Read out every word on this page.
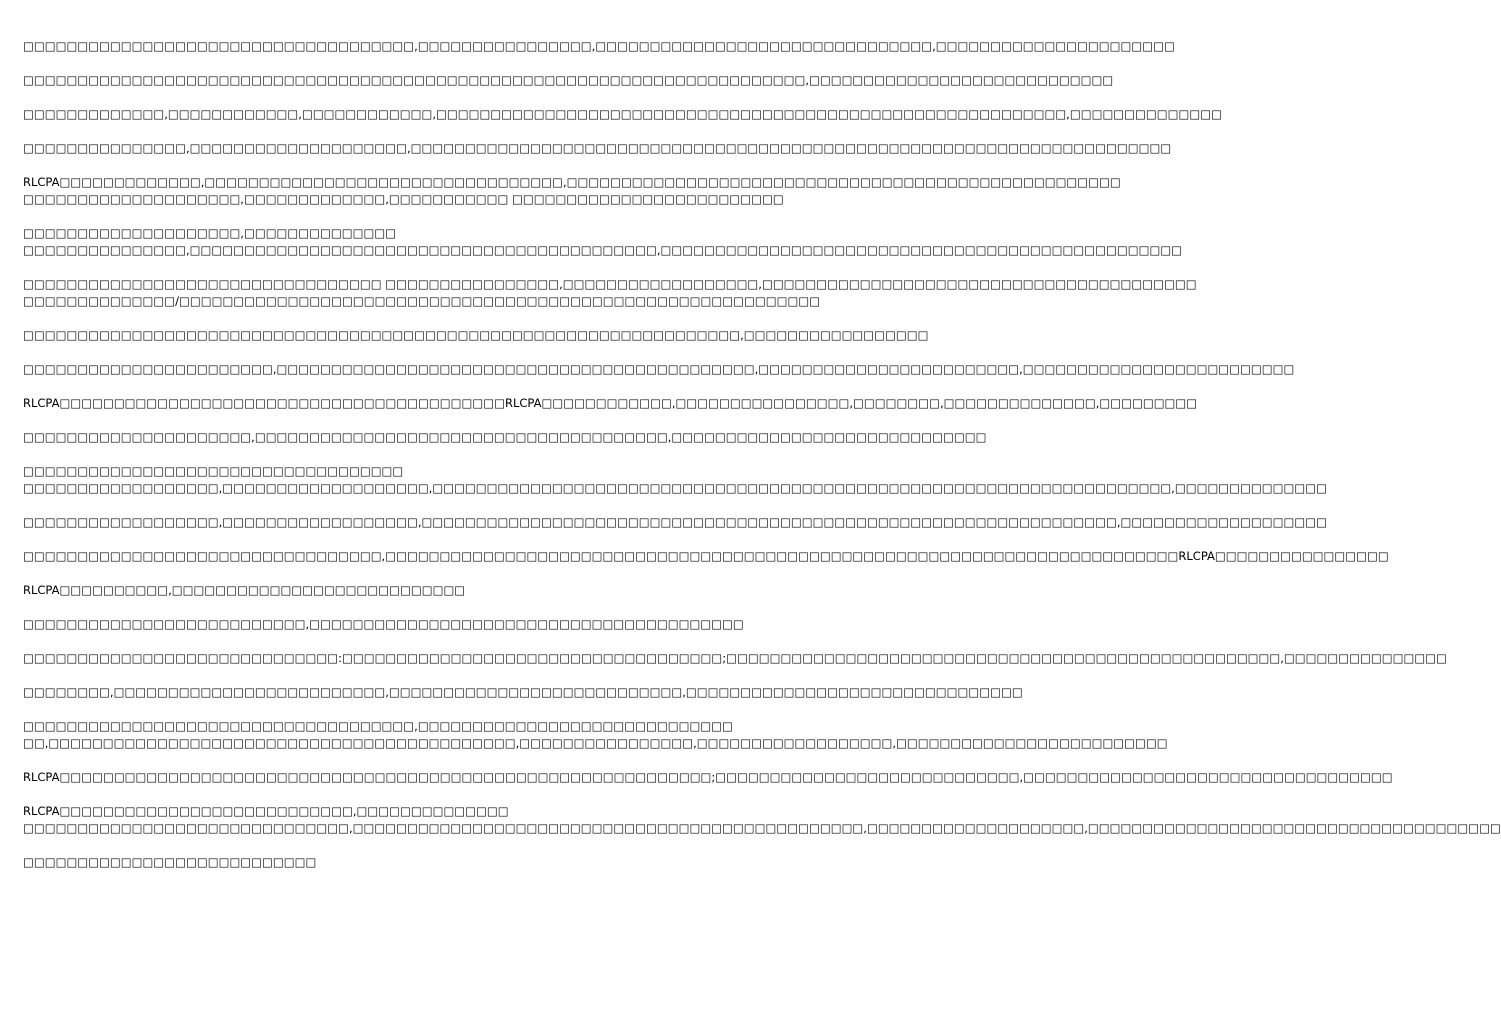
□□□□□□□□□□□□□□□□□□□□□□□□□□□□□□□□□□□□,□□□□□□□□□□□□□□□□,□□□□□□□□□□□□□□□□□□□□□□□□□□□□□□□,□□□□□□□□□□□□□□□□□□□□□□
□□□□□□□□□□□□□□□□□□□□□□□□□□□□□□□□□□□□□□□□□□□□□□□□□□□□□□□□□□□□□□□□□□□□□□□□,□□□□□□□□□□□□□□□□□□□□□□□□□□□□
□□□□□□□□□□□□□,□□□□□□□□□□□□,□□□□□□□□□□□□,□□□□□□□□□□□□□□□□□□□□□□□□□□□□□□□□□□□□□□□□□□□□□□□□□□□□□□□□□□,□□□□□□□□□□□□□□
□□□□□□□□□□□□□□□,□□□□□□□□□□□□□□□□□□□□,□□□□□□□□□□□□□□□□□□□□□□□□□□□□□□□□□□□□□□□□□□□□□□□□□□□□□□□□□□□□□□□□□□□□□□
RLCPA□□□□□□□□□□□□□,□□□□□□□□□□□□□□□□□□□□□□□□□□□□□□□□□,□□□□□□□□□□□□□□□□□□□□□□□□□□□□□□□□□□□□□□□□□□□□□□□□□□□
□□□□□□□□□□□□□□□□□□□□,□□□□□□□□□□□□□,□□□□□□□□□□□ □□□□□□□□□□□□□□□□□□□□□□□□□
□□□□□□□□□□□□□□□□□□□□,□□□□□□□□□□□□□□
□□□□□□□□□□□□□□□,□□□□□□□□□□□□□□□□□□□□□□□□□□□□□□□□□□□□□□□□□□□,□□□□□□□□□□□□□□□□□□□□□□□□□□□□□□□□□□□□□□□□□□□□□□□□
□□□□□□□□□□□□□□□□□□□□□□□□□□□□□□□□□ □□□□□□□□□□□□□□□□,□□□□□□□□□□□□□□□□□□,□□□□□□□□□□□□□□□□□□□□□□□□□□□□□□□□□□□□□□□□
□□□□□□□□□□□□□□/□□□□□□□□□□□□□□□□□□□□□□□□□□□□□□□□□□□□□□□□□□□□□□□□□□□□□□□□□□□
□□□□□□□□□□□□□□□□□□□□□□□□□□□□□□□□□□□□□□□□□□□□□□□□□□□□□□□□□□□□□□□□□□,□□□□□□□□□□□□□□□□□
□□□□□□□□□□□□□□□□□□□□□□□,□□□□□□□□□□□□□□□□□□□□□□□□□□□□□□□□□□□□□□□□□□□□,□□□□□□□□□□□□□□□□□□□□□□□□,□□□□□□□□□□□□□□□□□□□□□□□□□
RLCPA□□□□□□□□□□□□□□□□□□□□□□□□□□□□□□□□□□□□□□□□□RLCPA□□□□□□□□□□□□,□□□□□□□□□□□□□□□□,□□□□□□□□,□□□□□□□□□□□□□□,□□□□□□□□□
□□□□□□□□□□□□□□□□□□□□□,□□□□□□□□□□□□□□□□□□□□□□□□□□□□□□□□□□□□□□,□□□□□□□□□□□□□□□□□□□□□□□□□□□□□
□□□□□□□□□□□□□□□□□□□□□□□□□□□□□□□□□□□
□□□□□□□□□□□□□□□□□□,□□□□□□□□□□□□□□□□□□□,□□□□□□□□□□□□□□□□□□□□□□□□□□□□□□□□□□□□□□□□□□□□□□□□□□□□□□□□□□□□□□□□□□□□,□□□□□□□□□□□□□□
□□□□□□□□□□□□□□□□□□,□□□□□□□□□□□□□□□□□□,□□□□□□□□□□□□□□□□□□□□□□□□□□□□□□□□□□□□□□□□□□□□□□□□□□□□□□□□□□□□□□□□,□□□□□□□□□□□□□□□□□□□
□□□□□□□□□□□□□□□□□□□□□□□□□□□□□□□□□,□□□□□□□□□□□□□□□□□□□□□□□□□□□□□□□□□□□□□□□□□□□□□□□□□□□□□□□□□□□□□□□□□□□□□□□□□RLCPA□□□□□□□□□□□□□□□□
RLCPA□□□□□□□□□□,□□□□□□□□□□□□□□□□□□□□□□□□□□□
□□□□□□□□□□□□□□□□□□□□□□□□□□,□□□□□□□□□□□□□□□□□□□□□□□□□□□□□□□□□□□□□□□□
□□□□□□□□□□□□□□□□□□□□□□□□□□□□□:□□□□□□□□□□□□□□□□□□□□□□□□□□□□□□□□□□□;□□□□□□□□□□□□□□□□□□□□□□□□□□□□□□□□□□□□□□□□□□□□□□□□□□□,□□□□□□□□□□□□□□□
□□□□□□□□,□□□□□□□□□□□□□□□□□□□□□□□□□,□□□□□□□□□□□□□□□□□□□□□□□□□□□,□□□□□□□□□□□□□□□□□□□□□□□□□□□□□□□
□□□□□□□□□□□□□□□□□□□□□□□□□□□□□□□□□□□□,□□□□□□□□□□□□□□□□□□□□□□□□□□□□□
□□,□□□□□□□□□□□□□□□□□□□□□□□□□□□□□□□□□□□□□□□□□□□,□□□□□□□□□□□□□□□□,□□□□□□□□□□□□□□□□□□,□□□□□□□□□□□□□□□□□□□□□□□□□
RLCPA□□□□□□□□□□□□□□□□□□□□□□□□□□□□□□□□□□□□□□□□□□□□□□□□□□□□□□□□□□□□;□□□□□□□□□□□□□□□□□□□□□□□□□□□□,□□□□□□□□□□□□□□□□□□□□□□□□□□□□□□□□□□
RLCPA□□□□□□□□□□□□□□□□□□□□□□□□□□□,□□□□□□□□□□□□□□
□□□□□□□□□□□□□□□□□□□□□□□□□□□□□□,□□□□□□□□□□□□□□□□□□□□□□□□□□□□□□□□□□□□□□□□□□□□□□□,□□□□□□□□□□□□□□□□□□□□,□□□□□□□□□□□□□□□□□□□□□□□□□□□□□□□□□□□□□□
□□□□□□□□□□□□□□□□□□□□□□□□□□□
